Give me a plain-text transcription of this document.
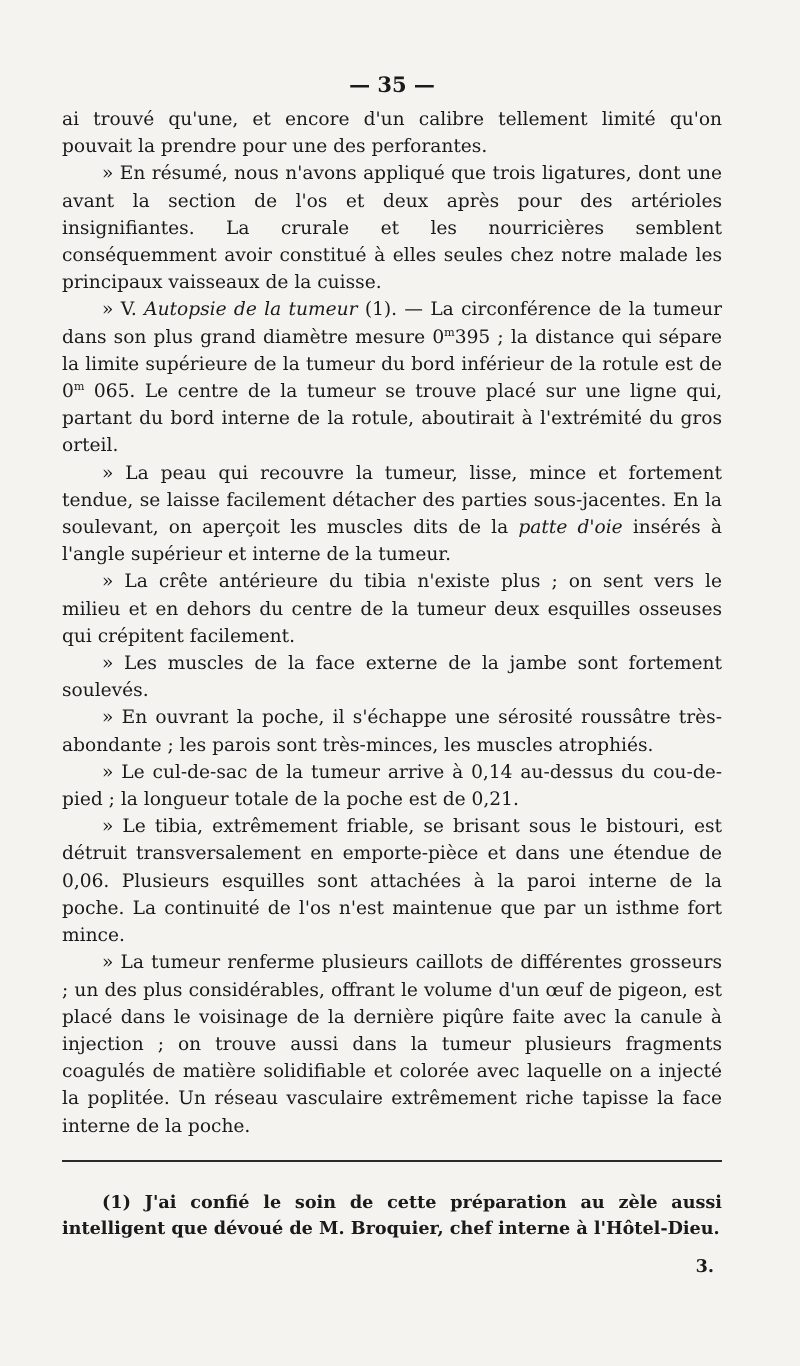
— 35 —

ai trouvé qu'une, et encore d'un calibre tellement limité qu'on pouvait la prendre pour une des perforantes.

» En résumé, nous n'avons appliqué que trois ligatures, dont une avant la section de l'os et deux après pour des artérioles insignifiantes. La crurale et les nourricières semblent conséquemment avoir constitué à elles seules chez notre malade les principaux vaisseaux de la cuisse.

» V. Autopsie de la tumeur (1). — La circonférence de la tumeur dans son plus grand diamètre mesure 0$^m$395 ; la distance qui sépare la limite supérieure de la tumeur du bord inférieur de la rotule est de 0$^m$ 065. Le centre de la tumeur se trouve placé sur une ligne qui, partant du bord interne de la rotule, aboutirait à l'extrémité du gros orteil.

» La peau qui recouvre la tumeur, lisse, mince et fortement tendue, se laisse facilement détacher des parties sous-jacentes. En la soulevant, on aperçoit les muscles dits de la patte d'oie insérés à l'angle supérieur et interne de la tumeur.

» La crête antérieure du tibia n'existe plus ; on sent vers le milieu et en dehors du centre de la tumeur deux esquilles osseuses qui crépitent facilement.

» Les muscles de la face externe de la jambe sont fortement soulevés.

» En ouvrant la poche, il s'échappe une sérosité roussâtre très-abondante ; les parois sont très-minces, les muscles atrophiés.

» Le cul-de-sac de la tumeur arrive à 0,14 au-dessus du cou-de-pied ; la longueur totale de la poche est de 0,21.

» Le tibia, extrêmement friable, se brisant sous le bistouri, est détruit transversalement en emporte-pièce et dans une étendue de 0,06. Plusieurs esquilles sont attachées à la paroi interne de la poche. La continuité de l'os n'est maintenue que par un isthme fort mince.

» La tumeur renferme plusieurs caillots de différentes grosseurs ; un des plus considérables, offrant le volume d'un œuf de pigeon, est placé dans le voisinage de la dernière piqûre faite avec la canule à injection ; on trouve aussi dans la tumeur plusieurs fragments coagulés de matière solidifiable et colorée avec laquelle on a injecté la poplitée. Un réseau vasculaire extrêmement riche tapisse la face interne de la poche.

(1) J'ai confié le soin de cette préparation au zèle aussi intelligent que dévoué de M. Broquier, chef interne à l'Hôtel-Dieu.

3.
